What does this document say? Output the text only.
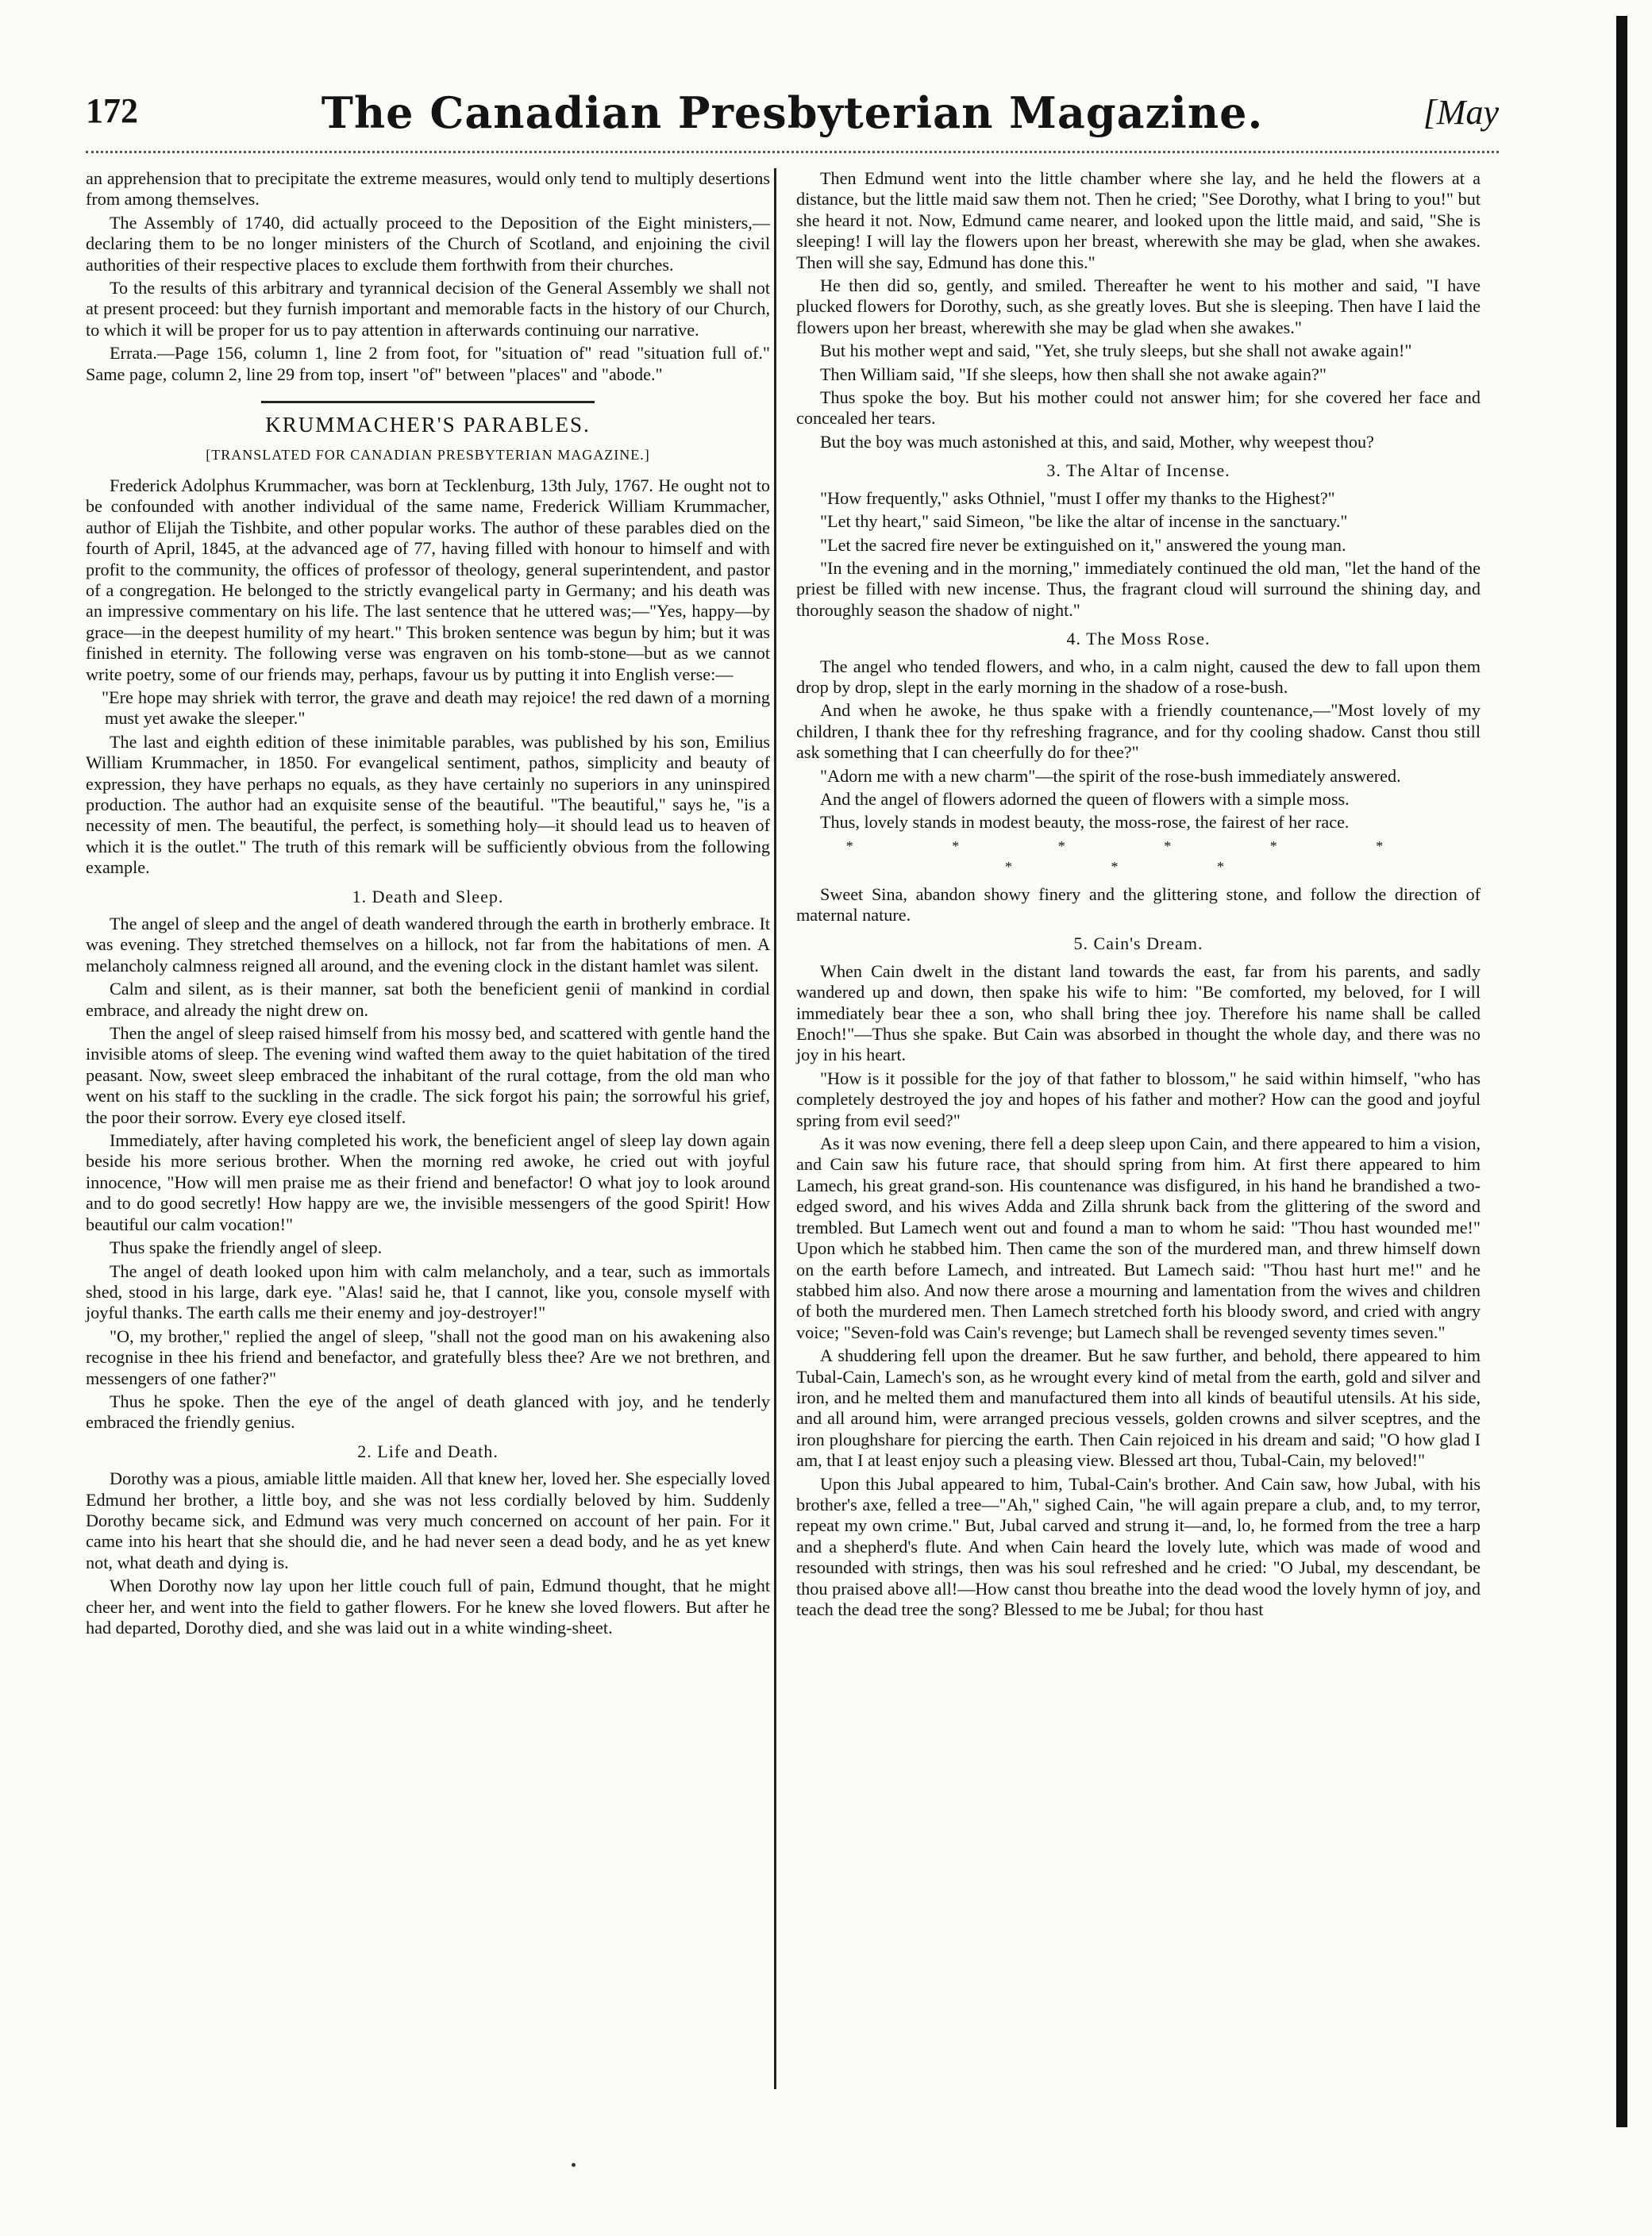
172	The Canadian Presbyterian Magazine.	[May

an apprehension that to precipitate the extreme measures, would only tend to multiply desertions from among themselves.

The Assembly of 1740, did actually proceed to the Deposition of the Eight ministers,—declaring them to be no longer ministers of the Church of Scotland, and enjoining the civil authorities of their respective places to exclude them forthwith from their churches.

To the results of this arbitrary and tyrannical decision of the General Assembly we shall not at present proceed: but they furnish important and memorable facts in the history of our Church, to which it will be proper for us to pay attention in afterwards continuing our narrative.

Errata.—Page 156, column 1, line 2 from foot, for "situation of" read "situation full of." Same page, column 2, line 29 from top, insert "of" between "places" and "abode."

KRUMMACHER'S PARABLES.
[TRANSLATED FOR CANADIAN PRESBYTERIAN MAGAZINE.]

Frederick Adolphus Krummacher, was born at Tecklenburg, 13th July, 1767. He ought not to be confounded with another individual of the same name, Frederick William Krummacher, author of Elijah the Tishbite, and other popular works. The author of these parables died on the fourth of April, 1845, at the advanced age of 77, having filled with honour to himself and with profit to the community, the offices of professor of theology, general superintendent, and pastor of a congregation. He belonged to the strictly evangelical party in Germany; and his death was an impressive commentary on his life. The last sentence that he uttered was;—"Yes, happy—by grace—in the deepest humility of my heart." This broken sentence was begun by him; but it was finished in eternity. The following verse was engraven on his tomb-stone—but as we cannot write poetry, some of our friends may, perhaps, favour us by putting it into English verse:—

"Ere hope may shriek with terror, the grave and death may rejoice! the red dawn of a morning must yet awake the sleeper."

The last and eighth edition of these inimitable parables, was published by his son, Emilius William Krummacher, in 1850. For evangelical sentiment, pathos, simplicity and beauty of expression, they have perhaps no equals, as they have certainly no superiors in any uninspired production. The author had an exquisite sense of the beautiful. "The beautiful," says he, "is a necessity of men. The beautiful, the perfect, is something holy—it should lead us to heaven of which it is the outlet." The truth of this remark will be sufficiently obvious from the following example.

1. Death and Sleep.

The angel of sleep and the angel of death wandered through the earth in brotherly embrace. It was evening. They stretched themselves on a hillock, not far from the habitations of men. A melancholy calmness reigned all around, and the evening clock in the distant hamlet was silent.

Calm and silent, as is their manner, sat both the beneficient genii of mankind in cordial embrace, and already the night drew on.

Then the angel of sleep raised himself from his mossy bed, and scattered with gentle hand the invisible atoms of sleep. The evening wind wafted them away to the quiet habitation of the tired peasant. Now, sweet sleep embraced the inhabitant of the rural cottage, from the old man who went on his staff to the suckling in the cradle. The sick forgot his pain; the sorrowful his grief, the poor their sorrow. Every eye closed itself.

Immediately, after having completed his work, the beneficient angel of sleep lay down again beside his more serious brother. When the morning red awoke, he cried out with joyful innocence, "How will men praise me as their friend and benefactor! O what joy to look around and to do good secretly! How happy are we, the invisible messengers of the good Spirit! How beautiful our calm vocation!"

Thus spake the friendly angel of sleep.

The angel of death looked upon him with calm melancholy, and a tear, such as immortals shed, stood in his large, dark eye. "Alas! said he, that I cannot, like you, console myself with joyful thanks. The earth calls me their enemy and joy-destroyer!"

"O, my brother," replied the angel of sleep, "shall not the good man on his awakening also recognise in thee his friend and benefactor, and gratefully bless thee? Are we not brethren, and messengers of one father?"

Thus he spoke. Then the eye of the angel of death glanced with joy, and he tenderly embraced the friendly genius.

2. Life and Death.

Dorothy was a pious, amiable little maiden. All that knew her, loved her. She especially loved Edmund her brother, a little boy, and she was not less cordially beloved by him. Suddenly Dorothy became sick, and Edmund was very much concerned on account of her pain. For it came into his heart that she should die, and he had never seen a dead body, and he as yet knew not, what death and dying is.

When Dorothy now lay upon her little couch full of pain, Edmund thought, that he might cheer her, and went into the field to gather flowers. For he knew she loved flowers. But after he had departed, Dorothy died, and she was laid out in a white winding-sheet.

Then Edmund went into the little chamber where she lay, and he held the flowers at a distance, but the little maid saw them not. Then he cried; "See Dorothy, what I bring to you!" but she heard it not. Now, Edmund came nearer, and looked upon the little maid, and said, "She is sleeping! I will lay the flowers upon her breast, wherewith she may be glad, when she awakes. Then will she say, Edmund has done this."

He then did so, gently, and smiled. Thereafter he went to his mother and said, "I have plucked flowers for Dorothy, such, as she greatly loves. But she is sleeping. Then have I laid the flowers upon her breast, wherewith she may be glad when she awakes."

But his mother wept and said, "Yet, she truly sleeps, but she shall not awake again!"

Then William said, "If she sleeps, how then shall she not awake again?"

Thus spoke the boy. But his mother could not answer him; for she covered her face and concealed her tears.

But the boy was much astonished at this, and said, Mother, why weepest thou?

3. The Altar of Incense.

"How frequently," asks Othniel, "must I offer my thanks to the Highest?"

"Let thy heart," said Simeon, "be like the altar of incense in the sanctuary."

"Let the sacred fire never be extinguished on it," answered the young man.

"In the evening and in the morning," immediately continued the old man, "let the hand of the priest be filled with new incense. Thus, the fragrant cloud will surround the shining day, and thoroughly season the shadow of night."

4. The Moss Rose.

The angel who tended flowers, and who, in a calm night, caused the dew to fall upon them drop by drop, slept in the early morning in the shadow of a rose-bush.

And when he awoke, he thus spake with a friendly countenance,—"Most lovely of my children, I thank thee for thy refreshing fragrance, and for thy cooling shadow. Canst thou still ask something that I can cheerfully do for thee?"

"Adorn me with a new charm"—the spirit of the rose-bush immediately answered.

And the angel of flowers adorned the queen of flowers with a simple moss.

Thus, lovely stands in modest beauty, the moss-rose, the fairest of her race.

* * * * * * * * *

Sweet Sina, abandon showy finery and the glittering stone, and follow the direction of maternal nature.

5. Cain's Dream.

When Cain dwelt in the distant land towards the east, far from his parents, and sadly wandered up and down, then spake his wife to him: "Be comforted, my beloved, for I will immediately bear thee a son, who shall bring thee joy. Therefore his name shall be called Enoch!"—Thus she spake. But Cain was absorbed in thought the whole day, and there was no joy in his heart.

"How is it possible for the joy of that father to blossom," he said within himself, "who has completely destroyed the joy and hopes of his father and mother? How can the good and joyful spring from evil seed?"

As it was now evening, there fell a deep sleep upon Cain, and there appeared to him a vision, and Cain saw his future race, that should spring from him. At first there appeared to him Lamech, his great grand-son. His countenance was disfigured, in his hand he brandished a two-edged sword, and his wives Adda and Zilla shrunk back from the glittering of the sword and trembled. But Lamech went out and found a man to whom he said: "Thou hast wounded me!" Upon which he stabbed him. Then came the son of the murdered man, and threw himself down on the earth before Lamech, and intreated. But Lamech said: "Thou hast hurt me!" and he stabbed him also. And now there arose a mourning and lamentation from the wives and children of both the murdered men. Then Lamech stretched forth his bloody sword, and cried with angry voice; "Seven-fold was Cain's revenge; but Lamech shall be revenged seventy times seven."

A shuddering fell upon the dreamer. But he saw further, and behold, there appeared to him Tubal-Cain, Lamech's son, as he wrought every kind of metal from the earth, gold and silver and iron, and he melted them and manufactured them into all kinds of beautiful utensils. At his side, and all around him, were arranged precious vessels, golden crowns and silver sceptres, and the iron ploughshare for piercing the earth. Then Cain rejoiced in his dream and said; "O how glad I am, that I at least enjoy such a pleasing view. Blessed art thou, Tubal-Cain, my beloved!"

Upon this Jubal appeared to him, Tubal-Cain's brother. And Cain saw, how Jubal, with his brother's axe, felled a tree—"Ah," sighed Cain, "he will again prepare a club, and, to my terror, repeat my own crime." But, Jubal carved and strung it—and, lo, he formed from the tree a harp and a shepherd's flute. And when Cain heard the lovely lute, which was made of wood and resounded with strings, then was his soul refreshed and he cried: "O Jubal, my descendant, be thou praised above all!—How canst thou breathe into the dead wood the lovely hymn of joy, and teach the dead tree the song? Blessed to me be Jubal; for thou hast
